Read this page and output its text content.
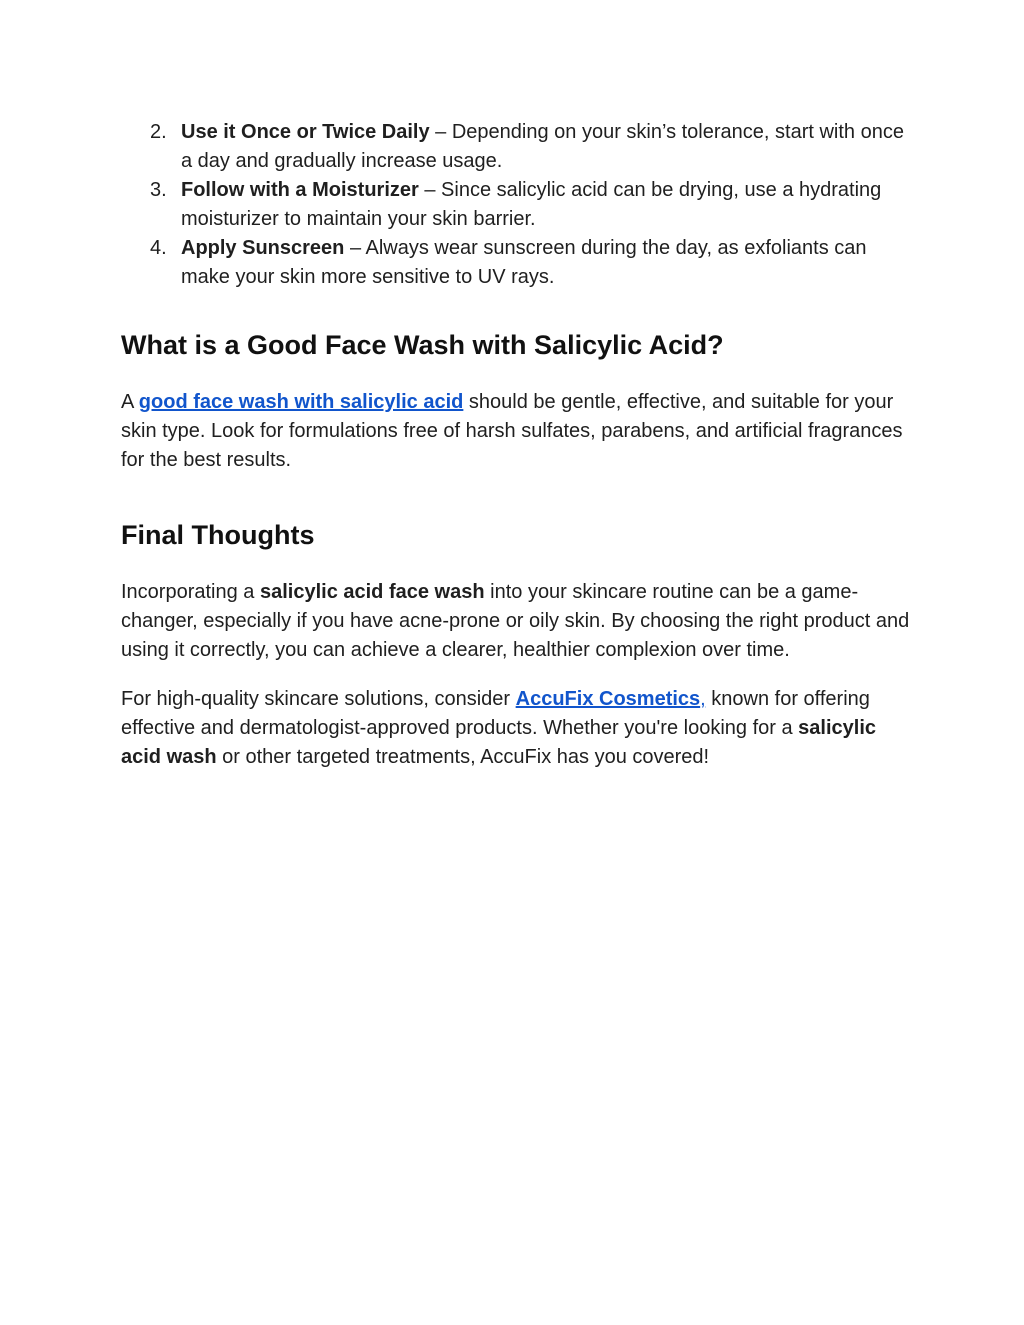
2. Use it Once or Twice Daily – Depending on your skin’s tolerance, start with once a day and gradually increase usage.
3. Follow with a Moisturizer – Since salicylic acid can be drying, use a hydrating moisturizer to maintain your skin barrier.
4. Apply Sunscreen – Always wear sunscreen during the day, as exfoliants can make your skin more sensitive to UV rays.
What is a Good Face Wash with Salicylic Acid?

A good face wash with salicylic acid should be gentle, effective, and suitable for your skin type. Look for formulations free of harsh sulfates, parabens, and artificial fragrances for the best results.

Final Thoughts

Incorporating a salicylic acid face wash into your skincare routine can be a game-changer, especially if you have acne-prone or oily skin. By choosing the right product and using it correctly, you can achieve a clearer, healthier complexion over time.

For high-quality skincare solutions, consider AccuFix Cosmetics, known for offering effective and dermatologist-approved products. Whether you're looking for a salicylic acid wash or other targeted treatments, AccuFix has you covered!
